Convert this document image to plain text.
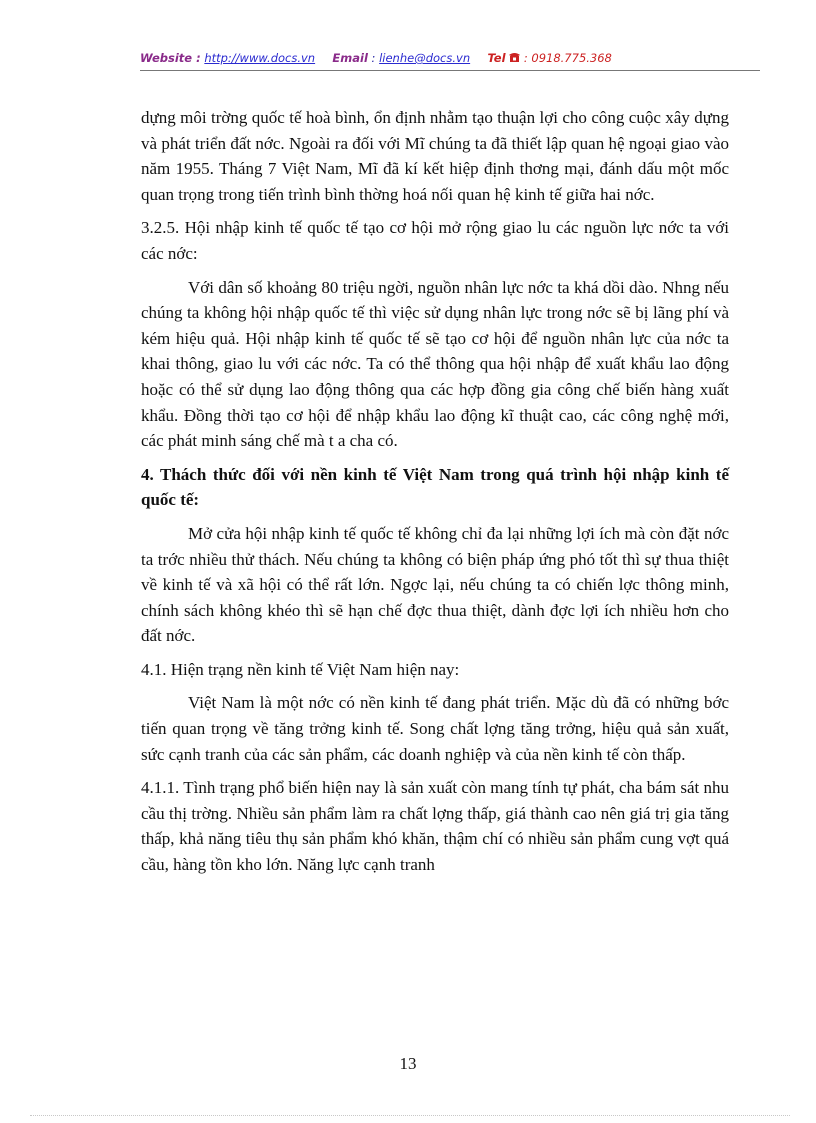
Website : http://www.docs.vn Email : lienhe@docs.vn Tel  : 0918.775.368

dựng môi trờng quốc tế hoà bình, ổn định nhằm tạo thuận lợi cho công cuộc xây dựng và phát triển đất nớc. Ngoài ra đối với Mĩ chúng ta đã thiết lập quan hệ ngoại giao vào năm 1955. Tháng 7 Việt Nam, Mĩ đã kí kết hiệp định thơng mại, đánh dấu một mốc quan trọng trong tiến trình bình thờng hoá nối quan hệ kinh tế giữa hai nớc.

3.2.5. Hội nhập kinh tế quốc tế tạo cơ hội mở rộng giao lu các nguồn lực nớc ta với các nớc:

Với dân số khoảng 80 triệu ngời, nguồn nhân lực nớc ta khá dồi dào. Nhng nếu chúng ta không hội nhập quốc tế thì việc sử dụng nhân lực trong nớc sẽ bị lãng phí và kém hiệu quả. Hội nhập kinh tế quốc tế sẽ tạo cơ hội để nguồn nhân lực của nớc ta khai thông, giao lu với các nớc. Ta có thể thông qua hội nhập để xuất khẩu lao động hoặc có thể sử dụng lao động thông qua các hợp đồng gia công chế biến hàng xuất khẩu. Đồng thời tạo cơ hội để nhập khẩu lao động kĩ thuật cao, các công nghệ mới, các phát minh sáng chế mà t a cha có.

4. Thách thức đối với nền kinh tế Việt Nam trong quá trình hội nhập kinh tế quốc tế:

Mở cửa hội nhập kinh tế quốc tế không chỉ đa lại những lợi ích mà còn đặt nớc ta trớc nhiều thử thách. Nếu chúng ta không có biện pháp ứng phó tốt thì sự thua thiệt về kinh tế và xã hội có thể rất lớn. Ngợc lại, nếu chúng ta có chiến lợc thông minh, chính sách không khéo thì sẽ hạn chế đợc thua thiệt, dành đợc lợi ích nhiều hơn cho đất nớc.

4.1. Hiện trạng nền kinh tế Việt Nam hiện nay:

Việt Nam là một nớc có nền kinh tế đang phát triển. Mặc dù đã có những bớc tiến quan trọng về tăng trởng kinh tế. Song chất lợng tăng trởng, hiệu quả sản xuất, sức cạnh tranh của các sản phẩm, các doanh nghiệp và của nền kinh tế còn thấp.

4.1.1. Tình trạng phổ biến hiện nay là sản xuất còn mang tính tự phát, cha bám sát nhu cầu thị trờng. Nhiều sản phẩm làm ra chất lợng thấp, giá thành cao nên giá trị gia tăng thấp, khả năng tiêu thụ sản phẩm khó khăn, thậm chí có nhiều sản phẩm cung vợt quá cầu, hàng tồn kho lớn. Năng lực cạnh tranh

13
